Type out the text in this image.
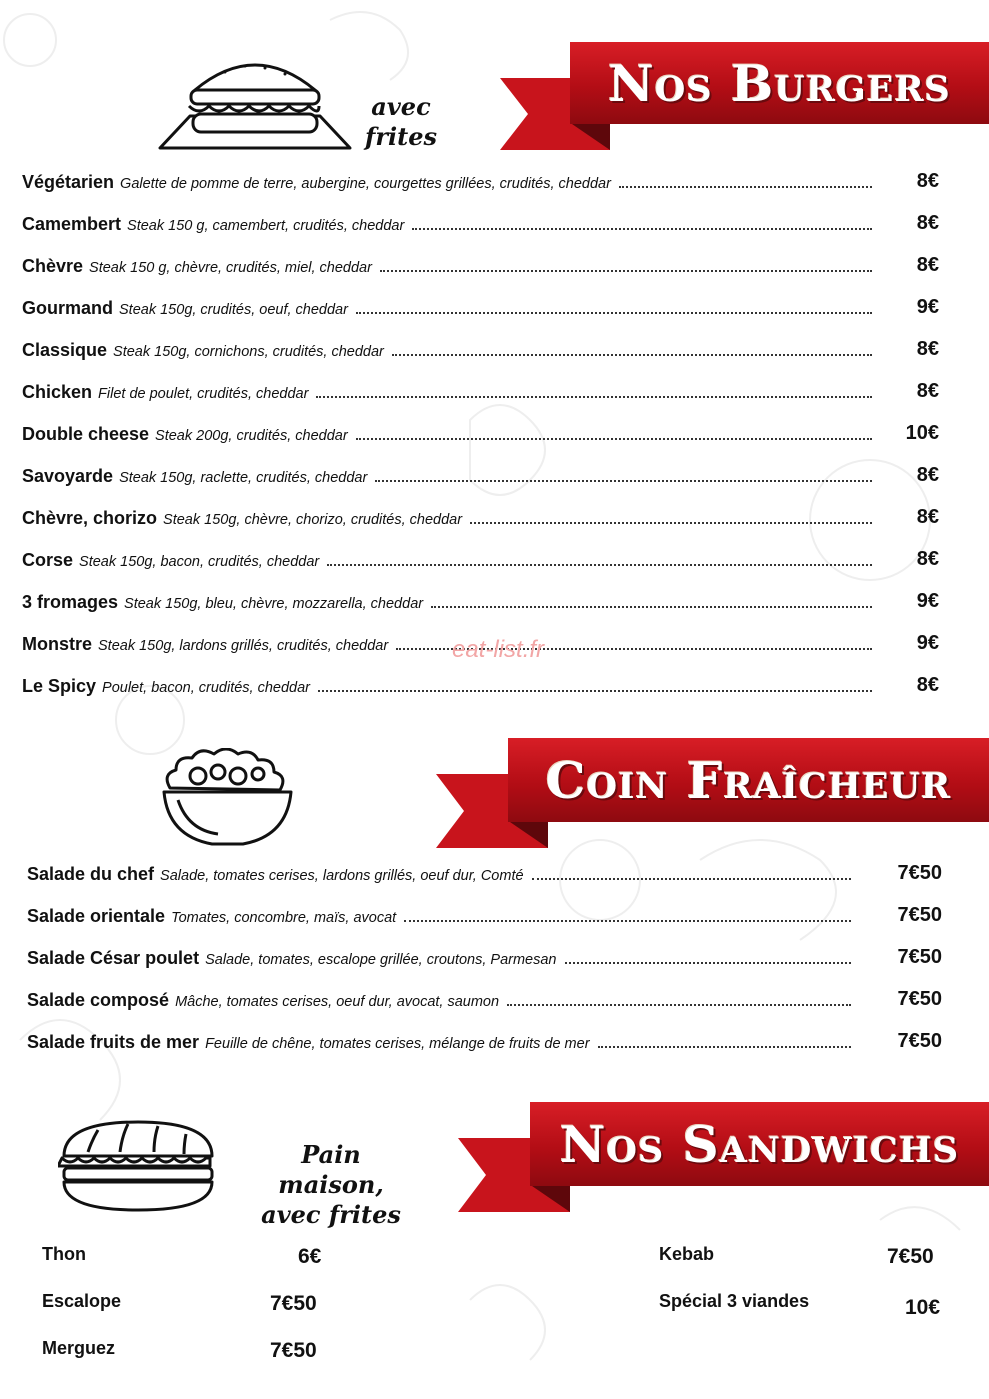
avec frites
Nos Burgers
Végétarien Galette de pomme de terre, aubergine, courgettes grillées, crudités, cheddar	8€
Camembert Steak 150 g, camembert, crudités, cheddar	8€
Chèvre Steak 150 g, chèvre, crudités, miel, cheddar	8€
Gourmand Steak 150g, crudités, oeuf, cheddar	9€
Classique Steak 150g, cornichons, crudités, cheddar	8€
Chicken Filet de poulet, crudités, cheddar	8€
Double cheese Steak 200g, crudités, cheddar	10€
Savoyarde Steak 150g, raclette, crudités, cheddar	8€
Chèvre, chorizo Steak 150g, chèvre, chorizo, crudités, cheddar	8€
Corse Steak 150g, bacon, crudités, cheddar	8€
3 fromages Steak 150g, bleu, chèvre, mozzarella, cheddar	9€
Monstre Steak 150g, lardons grillés, crudités, cheddar	9€
Le Spicy Poulet, bacon, crudités, cheddar	8€
eat-list.fr
Coin Fraîcheur
Salade du chef Salade, tomates cerises, lardons grillés, oeuf dur, Comté	7€50
Salade orientale Tomates, concombre, maïs, avocat	7€50
Salade César poulet Salade, tomates, escalope grillée, croutons, Parmesan	7€50
Salade composé Mâche, tomates cerises, oeuf dur, avocat, saumon	7€50
Salade fruits de mer Feuille de chêne, tomates cerises, mélange de fruits de mer	7€50
Pain maison,
avec frites
Nos Sandwichs
Thon	6€
Escalope	7€50
Merguez	7€50
Kebab	7€50
Spécial 3 viandes	10€
